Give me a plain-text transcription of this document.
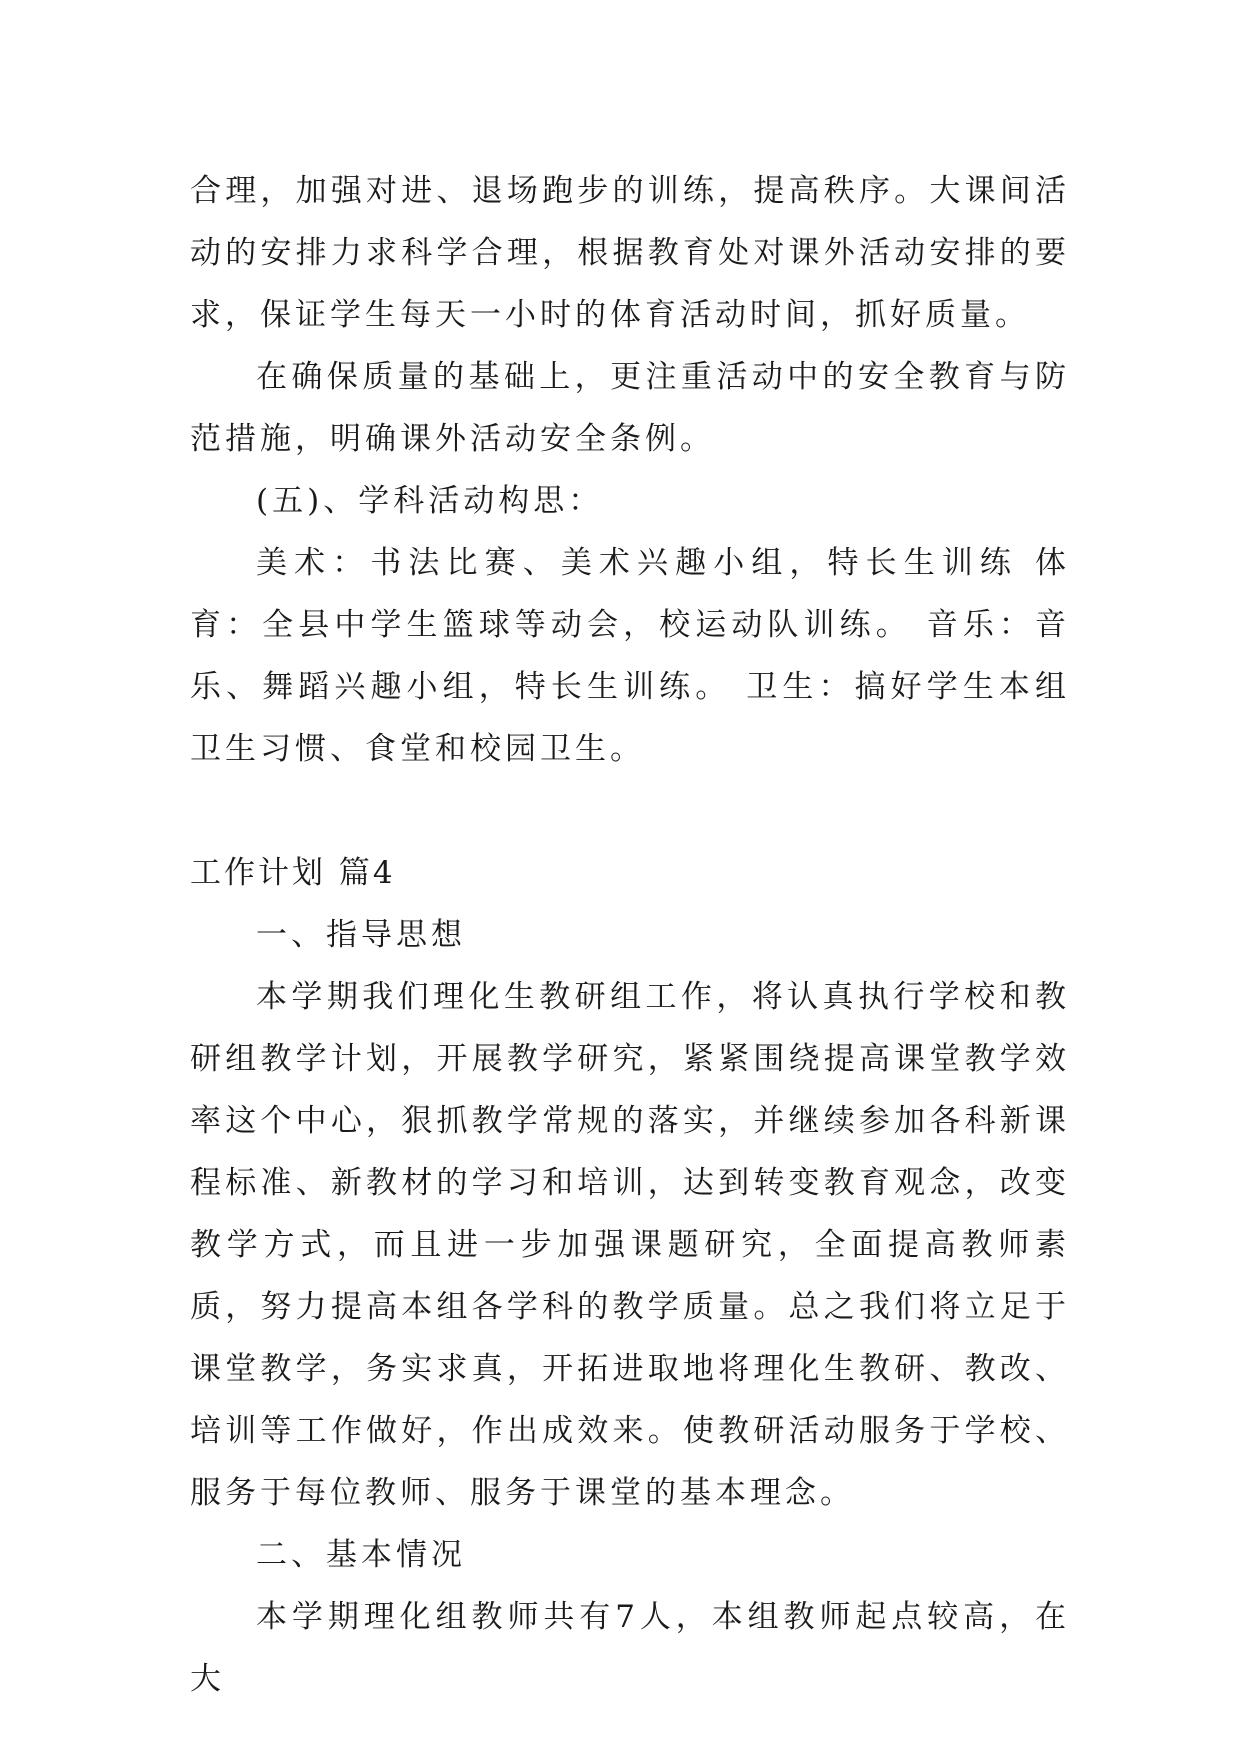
合理，加强对进、退场跑步的训练，提高秩序。大课间活动的安排力求科学合理，根据教育处对课外活动安排的要求，保证学生每天一小时的体育活动时间，抓好质量。

在确保质量的基础上，更注重活动中的安全教育与防范措施，明确课外活动安全条例。

(五)、学科活动构思：

美术：书法比赛、美术兴趣小组，特长生训练 体育：全县中学生篮球等动会，校运动队训练。 音乐：音乐、舞蹈兴趣小组，特长生训练。 卫生：搞好学生本组卫生习惯、食堂和校园卫生。

工作计划 篇4

一、指导思想

本学期我们理化生教研组工作，将认真执行学校和教研组教学计划，开展教学研究，紧紧围绕提高课堂教学效率这个中心，狠抓教学常规的落实，并继续参加各科新课程标准、新教材的学习和培训，达到转变教育观念，改变教学方式，而且进一步加强课题研究，全面提高教师素质，努力提高本组各学科的教学质量。总之我们将立足于课堂教学，务实求真，开拓进取地将理化生教研、教改、培训等工作做好，作出成效来。使教研活动服务于学校、服务于每位教师、服务于课堂的基本理念。

二、基本情况

本学期理化组教师共有7人，本组教师起点较高，在大
